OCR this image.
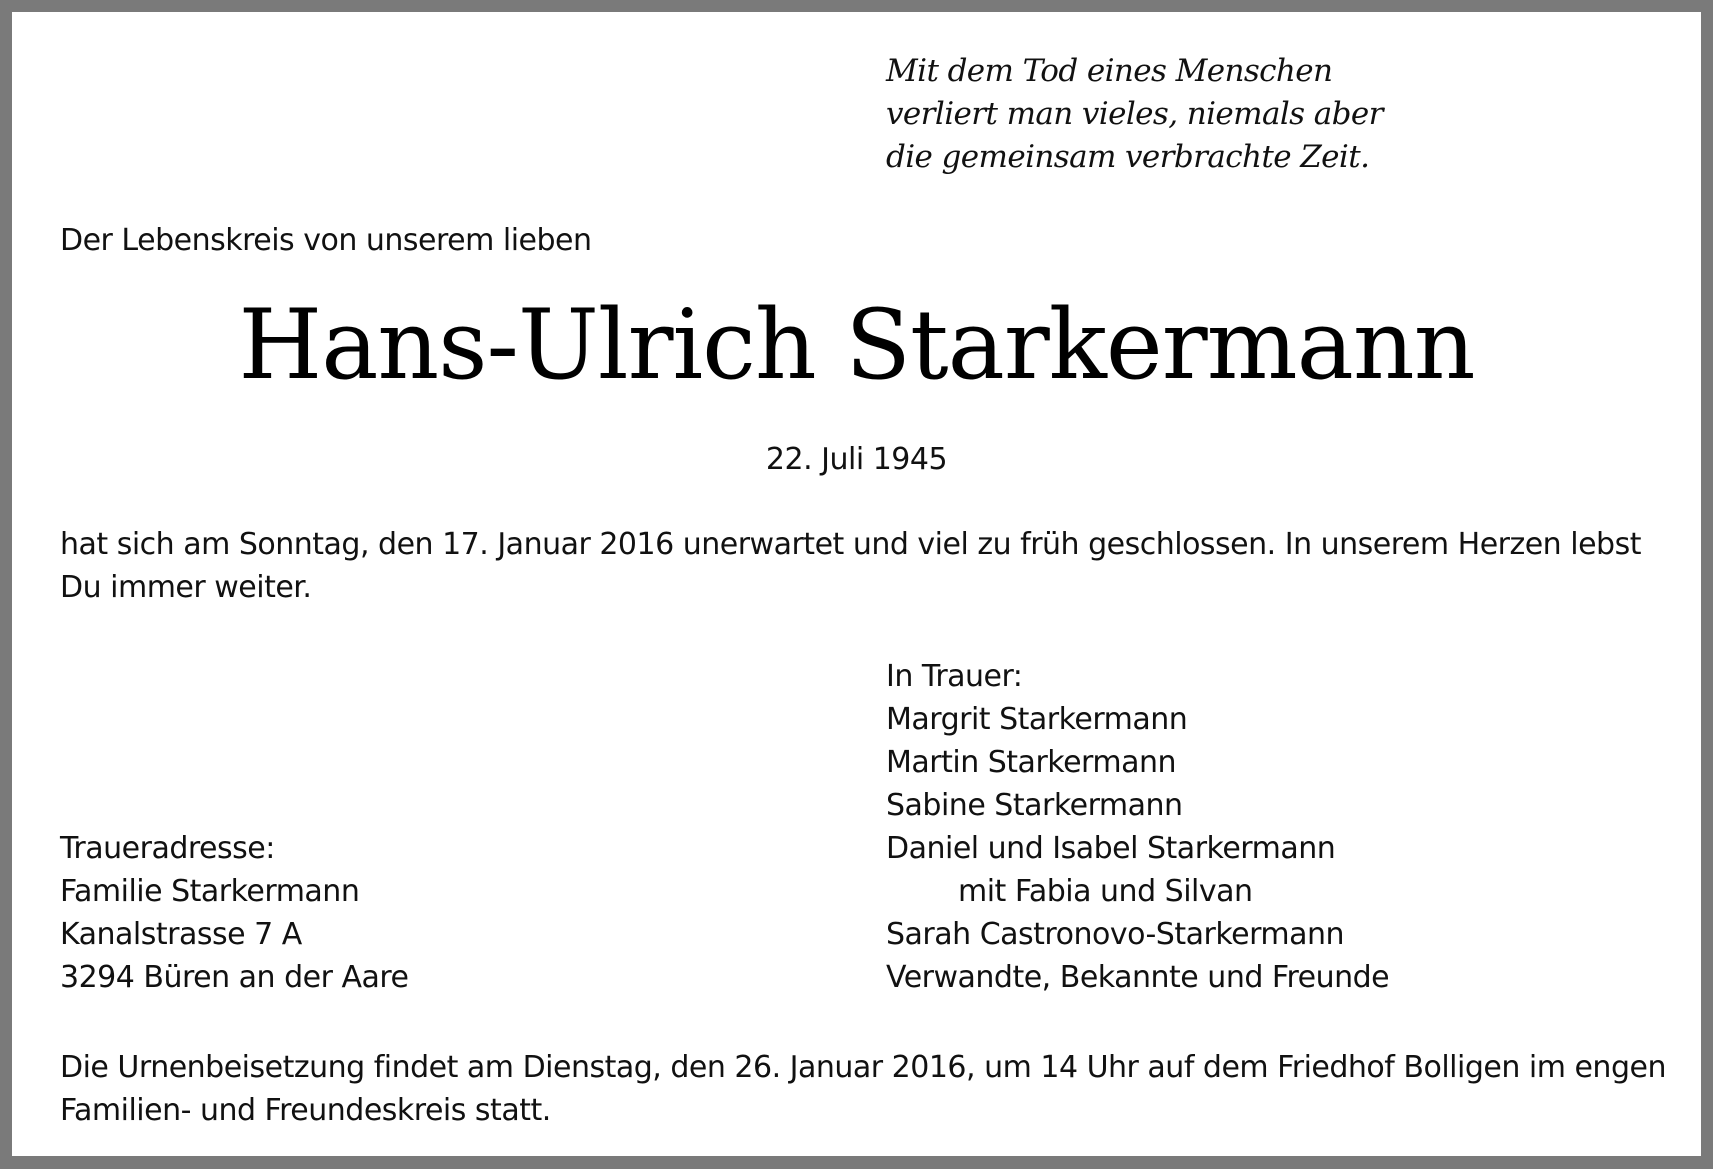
Mit dem Tod eines Menschen
verliert man vieles, niemals aber
die gemeinsam verbrachte Zeit.
Der Lebenskreis von unserem lieben
Hans-Ulrich Starkermann
22. Juli 1945
hat sich am Sonntag, den 17. Januar 2016 unerwartet und viel zu früh geschlossen. In unserem Herzen lebst Du immer weiter.
In Trauer:
Margrit Starkermann
Martin Starkermann
Sabine Starkermann
Daniel und Isabel Starkermann
mit Fabia und Silvan
Sarah Castronovo-Starkermann
Verwandte, Bekannte und Freunde
Traueradresse:
Familie Starkermann
Kanalstrasse 7 A
3294 Büren an der Aare
Die Urnenbeisetzung findet am Dienstag, den 26. Januar 2016, um 14 Uhr auf dem Friedhof Bolligen im engen Familien- und Freundeskreis statt.
